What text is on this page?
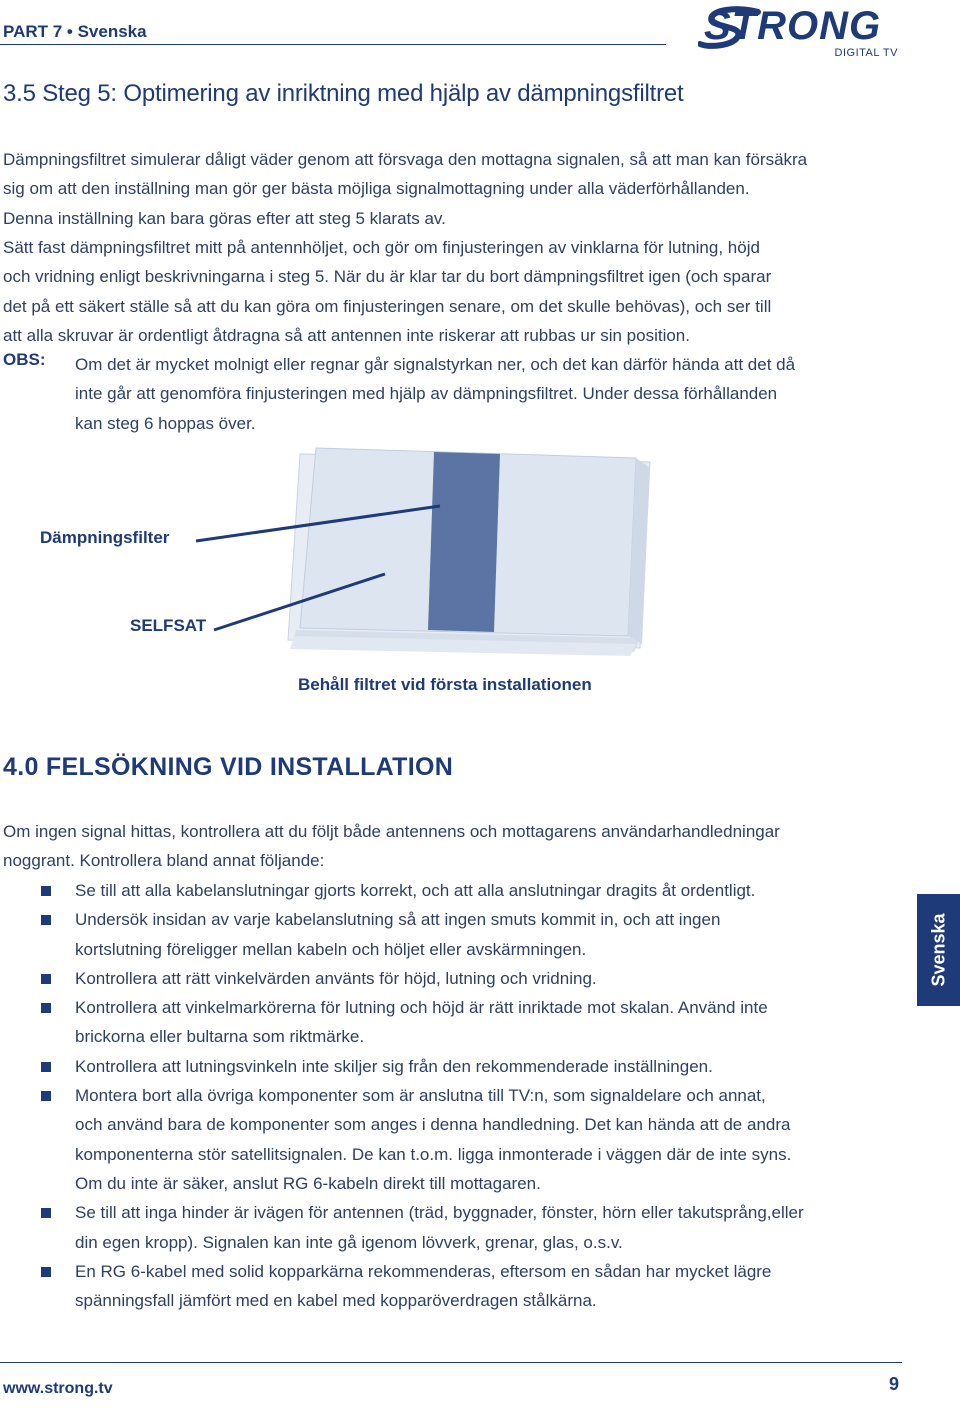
PART 7 • Svenska	STRONG
DIGITAL TV
3.5 Steg 5: Optimering av inriktning med hjälp av dämpningsfiltret

Dämpningsfiltret simulerar dåligt väder genom att försvaga den mottagna signalen, så att man kan försäkra
sig om att den inställning man gör ger bästa möjliga signalmottagning under alla väderförhållanden.
Denna inställning kan bara göras efter att steg 5 klarats av.

Sätt fast dämpningsfiltret mitt på antennhöljet, och gör om finjusteringen av vinklarna för lutning, höjd
och vridning enligt beskrivningarna i steg 5. När du är klar tar du bort dämpningsfiltret igen (och sparar
det på ett säkert ställe så att du kan göra om finjusteringen senare, om det skulle behövas), och ser till
att alla skruvar är ordentligt åtdragna så att antennen inte riskerar att rubbas ur sin position.

OBS: Om det är mycket molnigt eller regnar går signalstyrkan ner, och det kan därför hända att det då
inte går att genomföra finjusteringen med hjälp av dämpningsfiltret. Under dessa förhållanden
kan steg 6 hoppas över.

Dämpningsfilter
SELFSAT
Behåll filtret vid första installationen
4.0 FELSÖKNING VID INSTALLATION

Om ingen signal hittas, kontrollera att du följt både antennens och mottagarens användarhandledningar
noggrant. Kontrollera bland annat följande:

Se till att alla kabelanslutningar gjorts korrekt, och att alla anslutningar dragits åt ordentligt.
Undersök insidan av varje kabelanslutning så att ingen smuts kommit in, och att ingen
kortslutning föreligger mellan kabeln och höljet eller avskärmningen.
Kontrollera att rätt vinkelvärden använts för höjd, lutning och vridning.
Kontrollera att vinkelmarkörerna för lutning och höjd är rätt inriktade mot skalan. Använd inte
brickorna eller bultarna som riktmärke.
Kontrollera att lutningsvinkeln inte skiljer sig från den rekommenderade inställningen.
Montera bort alla övriga komponenter som är anslutna till TV:n, som signaldelare och annat,
och använd bara de komponenter som anges i denna handledning. Det kan hända att de andra
komponenterna stör satellitsignalen. De kan t.o.m. ligga inmonterade i väggen där de inte syns.
Om du inte är säker, anslut RG 6-kabeln direkt till mottagaren.
Se till att inga hinder är ivägen för antennen (träd, byggnader, fönster, hörn eller takutsprång,eller
din egen kropp). Signalen kan inte gå igenom lövverk, grenar, glas, o.s.v.
En RG 6-kabel med solid kopparkärna rekommenderas, eftersom en sådan har mycket lägre
spänningsfall jämfört med en kabel med kopparöverdragen stålkärna.
Svenska
www.strong.tv	9
